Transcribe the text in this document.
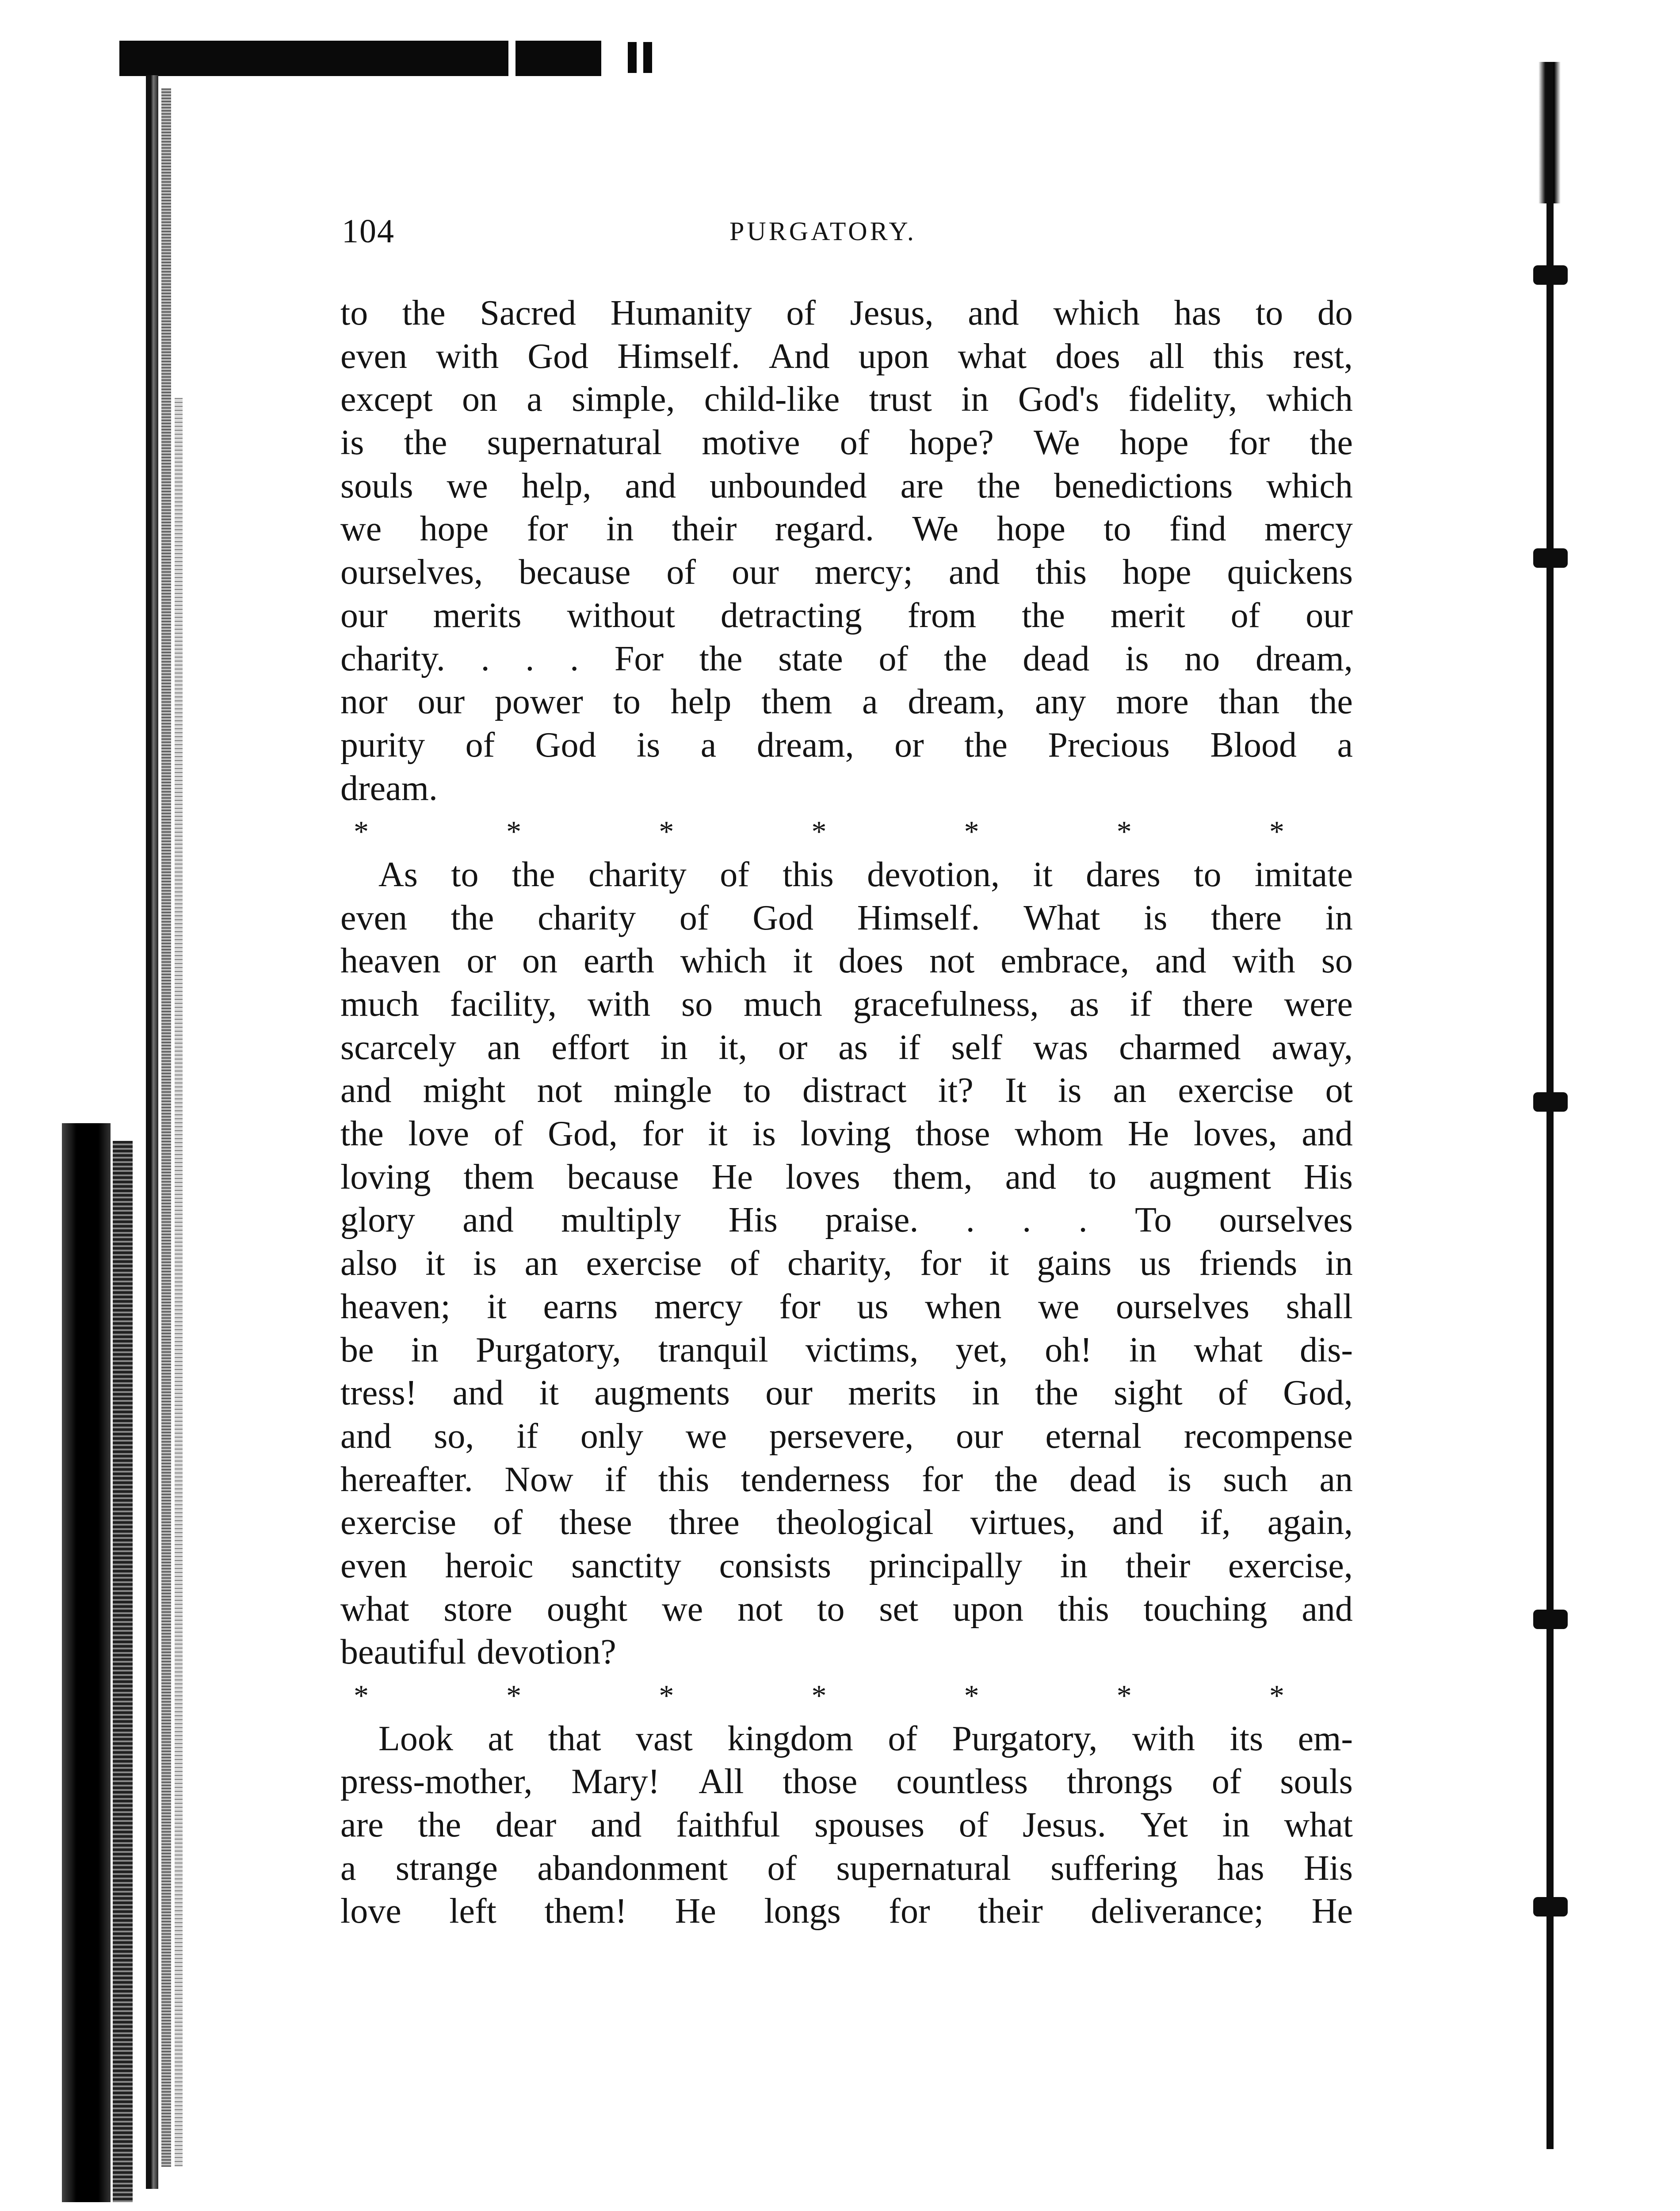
104	PURGATORY.
to the Sacred Humanity of Jesus, and which has to do
even with God Himself. And upon what does all this rest,
except on a simple, child-like trust in God's fidelity, which
is the supernatural motive of hope? We hope for the
souls we help, and unbounded are the benedictions which
we hope for in their regard. We hope to find mercy
ourselves, because of our mercy; and this hope quickens
our merits without detracting from the merit of our
charity. . . . For the state of the dead is no dream,
nor our power to help them a dream, any more than the
purity of God is a dream, or the Precious Blood a
dream.
*	*	*	*	*	*	*
As to the charity of this devotion, it dares to imitate
even the charity of God Himself. What is there in
heaven or on earth which it does not embrace, and with so
much facility, with so much gracefulness, as if there were
scarcely an effort in it, or as if self was charmed away,
and might not mingle to distract it? It is an exercise ot
the love of God, for it is loving those whom He loves, and
loving them because He loves them, and to augment His
glory and multiply His praise. . . . To ourselves
also it is an exercise of charity, for it gains us friends in
heaven; it earns mercy for us when we ourselves shall
be in Purgatory, tranquil victims, yet, oh! in what dis-
tress! and it augments our merits in the sight of God,
and so, if only we persevere, our eternal recompense
hereafter. Now if this tenderness for the dead is such an
exercise of these three theological virtues, and if, again,
even heroic sanctity consists principally in their exercise,
what store ought we not to set upon this touching and
beautiful devotion?
*	*	*	*	*	*	*
Look at that vast kingdom of Purgatory, with its em-
press-mother, Mary! All those countless throngs of souls
are the dear and faithful spouses of Jesus. Yet in what
a strange abandonment of supernatural suffering has His
love left them! He longs for their deliverance; He
